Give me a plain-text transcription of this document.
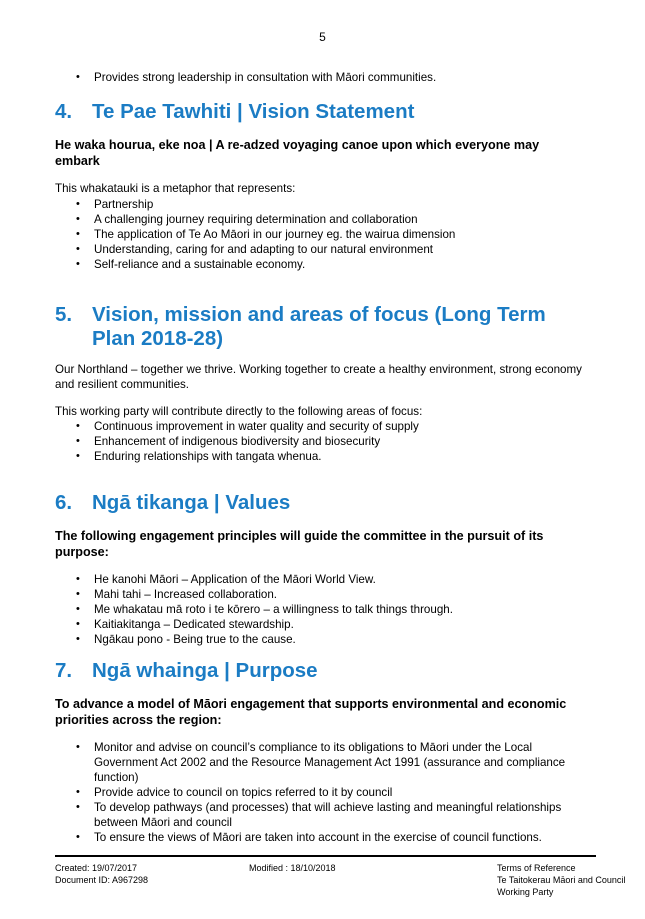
5
• Provides strong leadership in consultation with Māori communities.
4. Te Pae Tawhiti | Vision Statement
He waka hourua, eke noa | A re-adzed voyaging canoe upon which everyone may embark
This whakatauki is a metaphor that represents:
• Partnership
• A challenging journey requiring determination and collaboration
• The application of Te Ao Māori in our journey eg. the wairua dimension
• Understanding, caring for and adapting to our natural environment
• Self-reliance and a sustainable economy.
5. Vision, mission and areas of focus (Long Term Plan 2018-28)
Our Northland – together we thrive. Working together to create a healthy environment, strong economy and resilient communities.
This working party will contribute directly to the following areas of focus:
• Continuous improvement in water quality and security of supply
• Enhancement of indigenous biodiversity and biosecurity
• Enduring relationships with tangata whenua.
6. Ngā tikanga | Values
The following engagement principles will guide the committee in the pursuit of its purpose:
• He kanohi Māori – Application of the Māori World View.
• Mahi tahi – Increased collaboration.
• Me whakatau mā roto i te kōrero – a willingness to talk things through.
• Kaitiakitanga – Dedicated stewardship.
• Ngākau pono - Being true to the cause.
7. Ngā whainga | Purpose
To advance a model of Māori engagement that supports environmental and economic priorities across the region:
• Monitor and advise on council’s compliance to its obligations to Māori under the Local Government Act 2002 and the Resource Management Act 1991 (assurance and compliance function)
• Provide advice to council on topics referred to it by council
• To develop pathways (and processes) that will achieve lasting and meaningful relationships between Māori and council
• To ensure the views of Māori are taken into account in the exercise of council functions.
Created: 19/07/2017
Document ID: A967298
Modified : 18/10/2018	Terms of Reference
Te Taitokerau Māori and Council
Working Party
